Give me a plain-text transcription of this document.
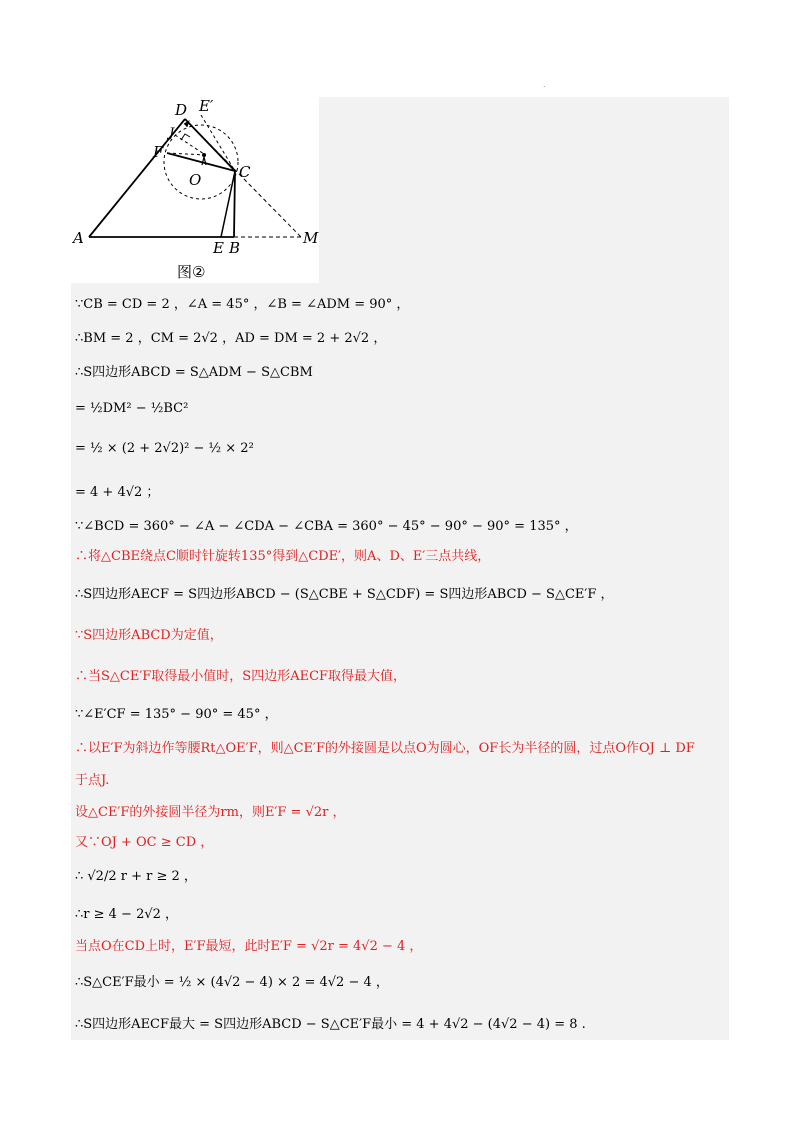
.
D E′
F
J
O	C
A
E B
M
图②
∵CB = CD = 2 ，∠A = 45° ，∠B = ∠ADM = 90° ，
∴BM = 2 ，CM = 2√2 ，AD = DM = 2 + 2√2 ，
∴S四边形ABCD = S△ADM − S△CBM
= ½DM² − ½BC²
= ½ × (2 + 2√2)² − ½ × 2²
= 4 + 4√2 ；
∵∠BCD = 360° − ∠A − ∠CDA − ∠CBA = 360° − 45° − 90° − 90° = 135° ，
∴将△CBE绕点C顺时针旋转135°得到△CDE′，则A、D、E′三点共线，
∴S四边形AECF = S四边形ABCD − (S△CBE + S△CDF) = S四边形ABCD − S△CE′F ，
∵S四边形ABCD为定值，
∴当S△CE′F取得最小值时，S四边形AECF取得最大值，
∵∠E′CF = 135° − 90° = 45° ，
∴以E′F为斜边作等腰Rt△OE′F，则△CE′F的外接圆是以点O为圆心，OF长为半径的圆，过点O作OJ ⊥ DF
于点J.
设△CE′F的外接圆半径为rm，则E′F = √2r ，
又∵OJ + OC ≥ CD ，
∴ √2/2 r + r ≥ 2 ，
∴r ≥ 4 − 2√2 ，
当点O在CD上时，E′F最短，此时E′F = √2r = 4√2 − 4 ，
∴S△CE′F最小 = ½ × (4√2 − 4) × 2 = 4√2 − 4 ，
∴S四边形AECF最大 = S四边形ABCD − S△CE′F最小 = 4 + 4√2 − (4√2 − 4) = 8 .
